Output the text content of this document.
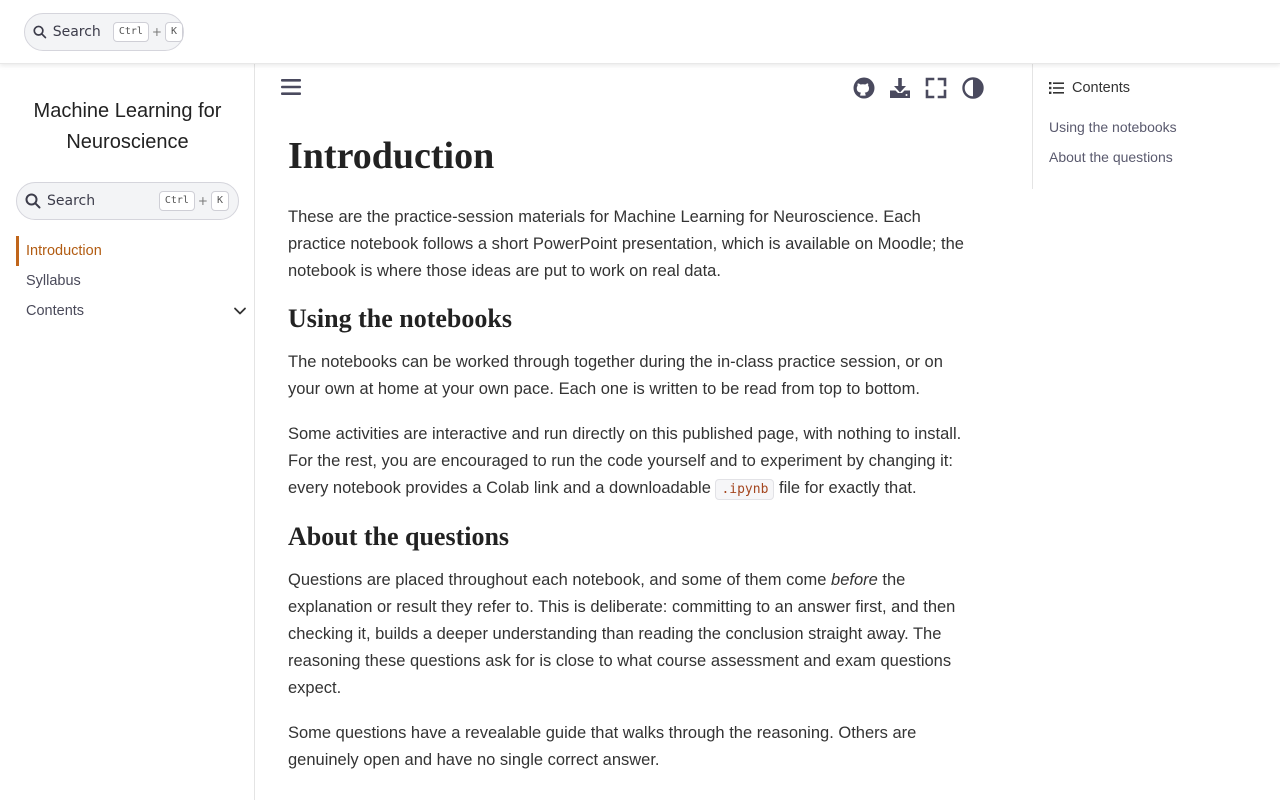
Search	Ctrl + K
Machine Learning for Neuroscience
Search	Ctrl + K
Introduction
Syllabus
Contents
Introduction

These are the practice-session materials for Machine Learning for Neuroscience. Each practice notebook follows a short PowerPoint presentation, which is available on Moodle; the notebook is where those ideas are put to work on real data.

Using the notebooks

The notebooks can be worked through together during the in-class practice session, or on your own at home at your own pace. Each one is written to be read from top to bottom.

Some activities are interactive and run directly on this published page, with nothing to install. For the rest, you are encouraged to run the code yourself and to experiment by changing it: every notebook provides a Colab link and a downloadable .ipynb file for exactly that.

About the questions

Questions are placed throughout each notebook, and some of them come before the explanation or result they refer to. This is deliberate: committing to an answer first, and then checking it, builds a deeper understanding than reading the conclusion straight away. The reasoning these questions ask for is close to what course assessment and exam questions expect.

Some questions have a revealable guide that walks through the reasoning. Others are genuinely open and have no single correct answer.

Contents
Using the notebooks
About the questions
